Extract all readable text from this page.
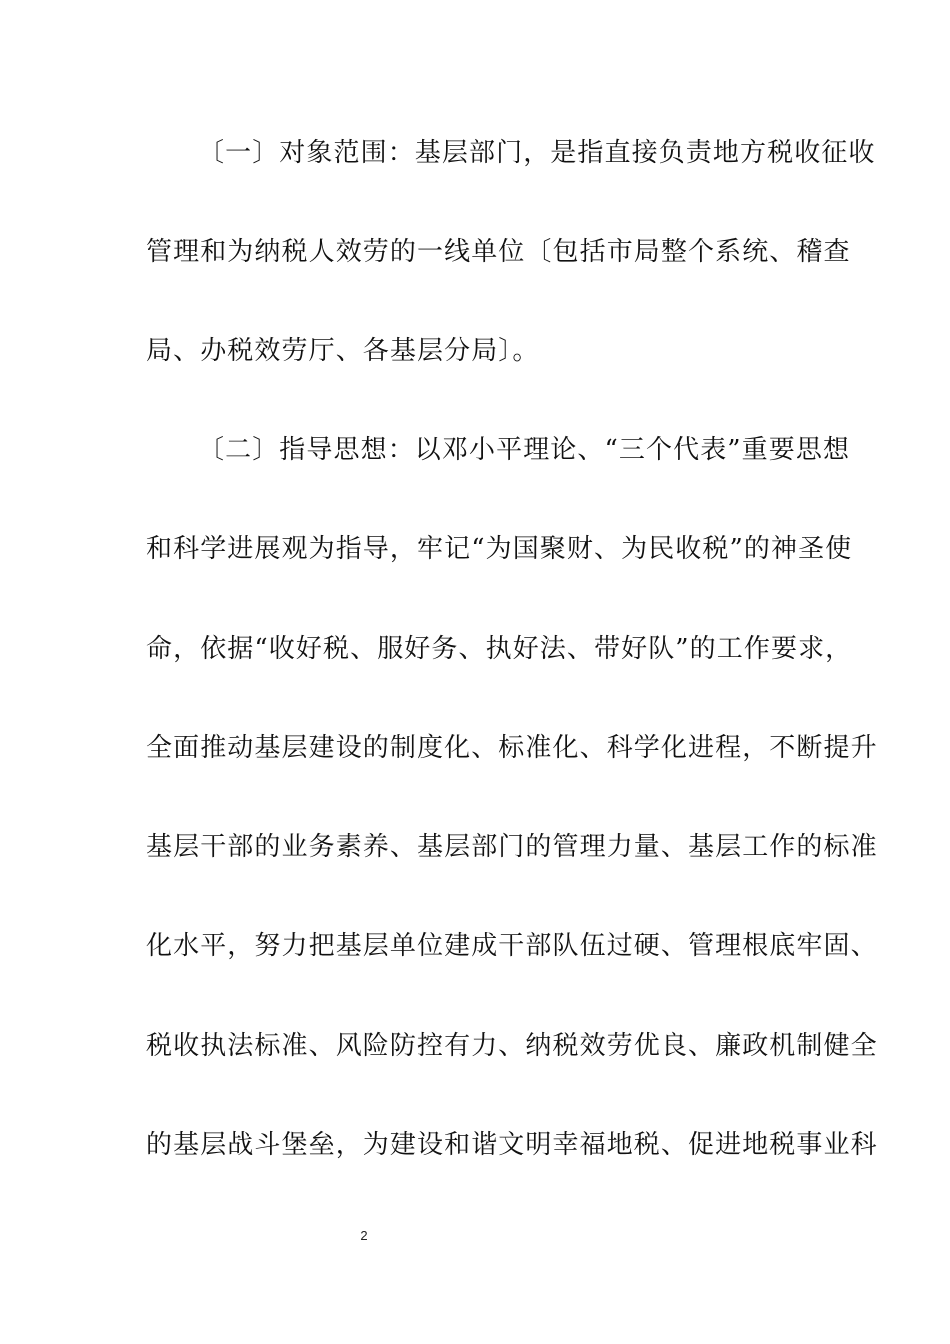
〔一〕对象范围：基层部门，是指直接负责地方税收征收
管理和为纳税人效劳的一线单位〔包括市局整个系统、稽查
局、办税效劳厅、各基层分局〕。
〔二〕指导思想：以邓小平理论、“三个代表”重要思想
和科学进展观为指导，牢记“为国聚财、为民收税”的神圣使
命，依据“收好税、服好务、执好法、带好队”的工作要求，
全面推动基层建设的制度化、标准化、科学化进程，不断提升
基层干部的业务素养、基层部门的管理力量、基层工作的标准
化水平，努力把基层单位建成干部队伍过硬、管理根底牢固、
税收执法标准、风险防控有力、纳税效劳优良、廉政机制健全
的基层战斗堡垒，为建设和谐文明幸福地税、促进地税事业科
2
